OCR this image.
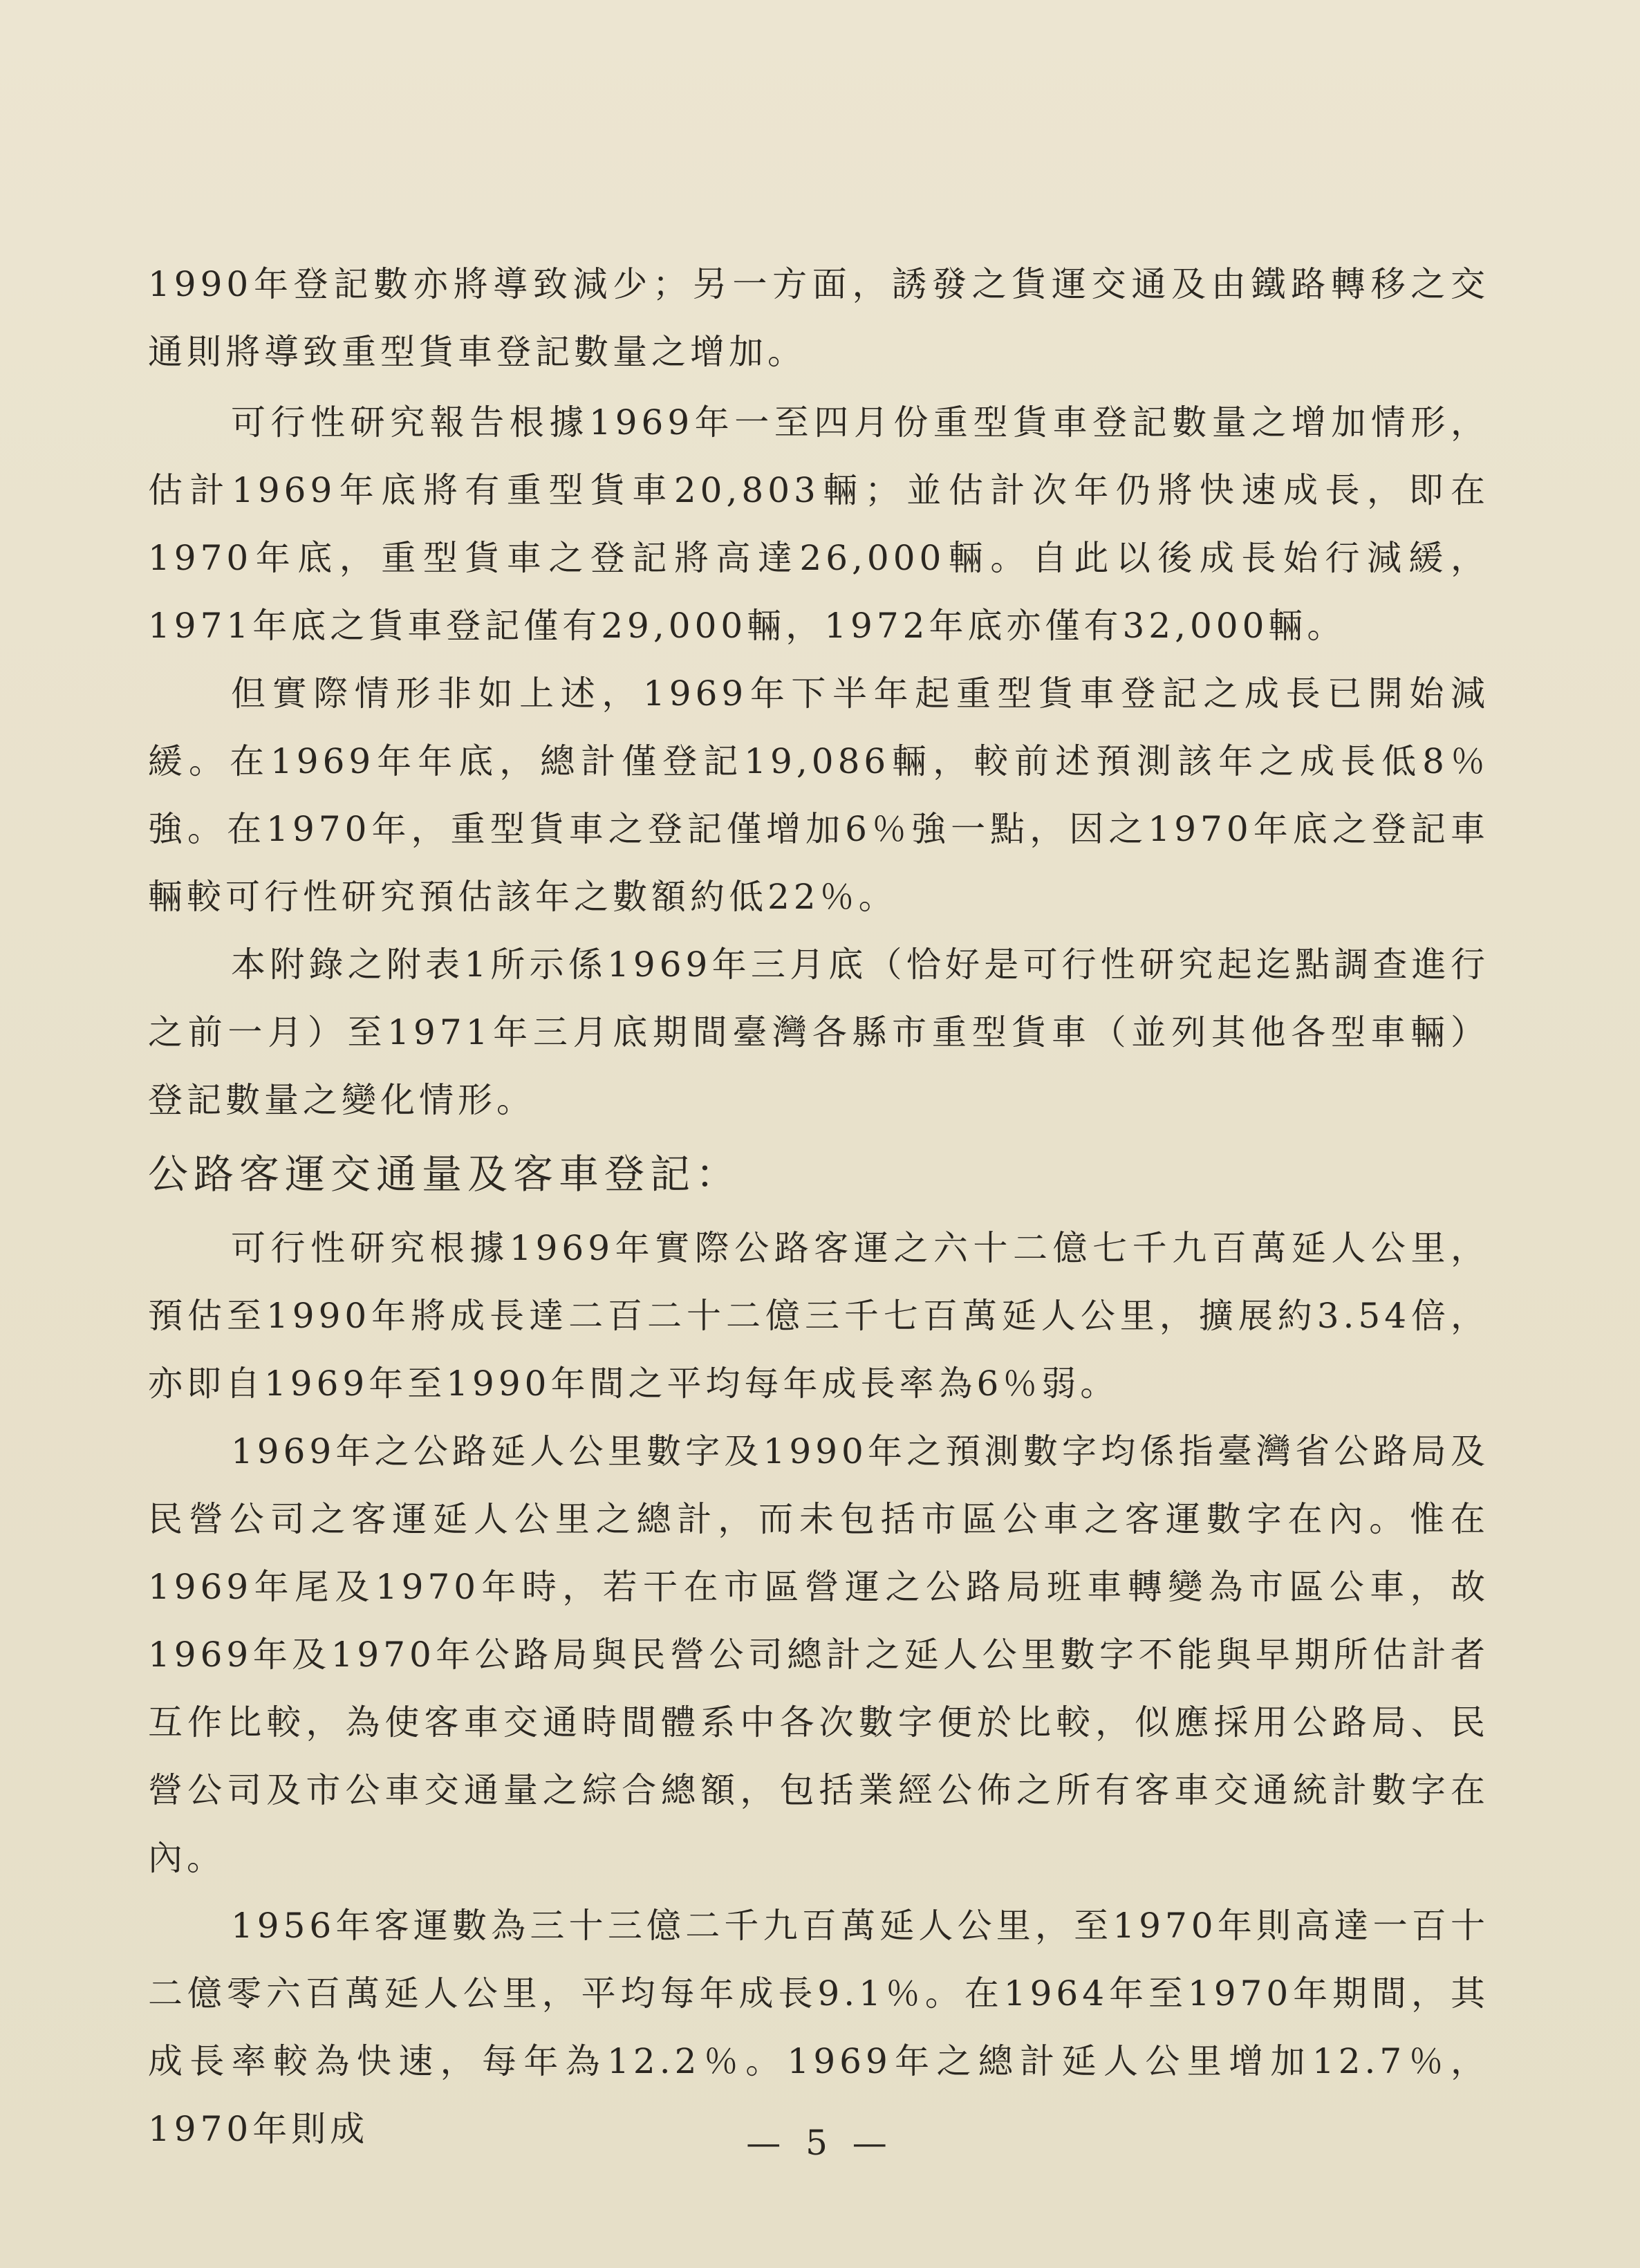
1990年登記數亦將導致減少；另一方面，誘發之貨運交通及由鐵路轉移之交通則將導致重型貨車登記數量之增加。

可行性研究報告根據1969年一至四月份重型貨車登記數量之增加情形，估計1969年底將有重型貨車20,803輛；並估計次年仍將快速成長，即在1970年底，重型貨車之登記將高達26,000輛。自此以後成長始行減緩，1971年底之貨車登記僅有29,000輛，1972年底亦僅有32,000輛。

但實際情形非如上述，1969年下半年起重型貨車登記之成長已開始減緩。在1969年年底，總計僅登記19,086輛，較前述預測該年之成長低8％強。在1970年，重型貨車之登記僅增加6％強一點，因之1970年底之登記車輛較可行性研究預估該年之數額約低22％。

本附錄之附表1所示係1969年三月底（恰好是可行性研究起迄點調查進行之前一月）至1971年三月底期間臺灣各縣市重型貨車（並列其他各型車輛）登記數量之變化情形。

公路客運交通量及客車登記：

可行性研究根據1969年實際公路客運之六十二億七千九百萬延人公里，預估至1990年將成長達二百二十二億三千七百萬延人公里，擴展約3.54倍，亦即自1969年至1990年間之平均每年成長率為6％弱。

1969年之公路延人公里數字及1990年之預測數字均係指臺灣省公路局及民營公司之客運延人公里之總計，而未包括市區公車之客運數字在內。惟在1969年尾及1970年時，若干在市區營運之公路局班車轉變為市區公車，故1969年及1970年公路局與民營公司總計之延人公里數字不能與早期所估計者互作比較，為使客車交通時間體系中各次數字便於比較，似應採用公路局、民營公司及市公車交通量之綜合總額，包括業經公佈之所有客車交通統計數字在內。

1956年客運數為三十三億二千九百萬延人公里，至1970年則高達一百十二億零六百萬延人公里，平均每年成長9.1％。在1964年至1970年期間，其成長率較為快速，每年為12.2％。1969年之總計延人公里增加12.7％，1970年則成	— 5 —
